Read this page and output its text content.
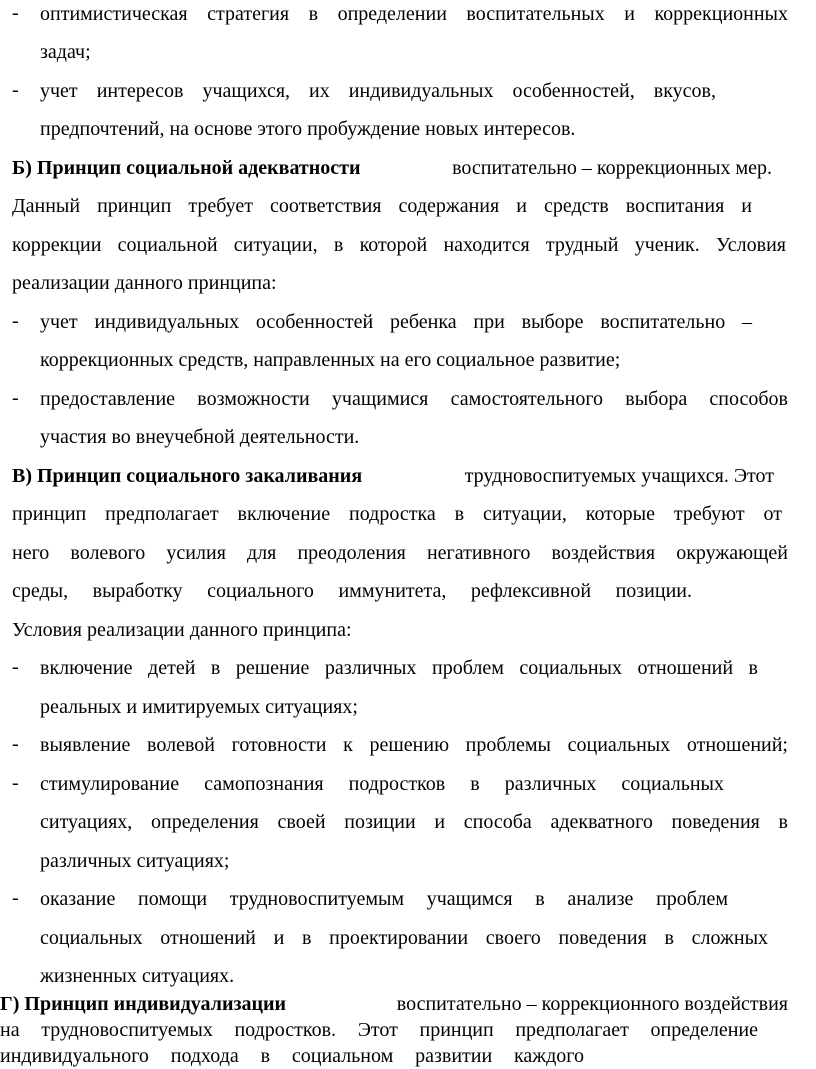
- оптимистическая стратегия в определении воспитательных и коррекционных
задач;
- учет интересов учащихся, их индивидуальных особенностей, вкусов,
предпочтений, на основе этого пробуждение новых интересов.
Б) Принцип социальной адекватности	воспитательно – коррекционных мер.
Данный принцип требует соответствия содержания и средств воспитания и
коррекции социальной ситуации, в которой находится трудный ученик. Условия
реализации данного принципа:
- учет индивидуальных особенностей ребенка при выборе воспитательно –
коррекционных средств, направленных на его социальное развитие;
- предоставление возможности учащимися самостоятельного выбора способов
участия во внеучебной деятельности.
В) Принцип социального закаливания	трудновоспитуемых учащихся. Этот
принцип предполагает включение подростка в ситуации, которые требуют от
него волевого усилия для преодоления негативного воздействия окружающей
среды, выработку социального иммунитета, рефлексивной позиции.
Условия реализации данного принципа:
- включение детей в решение различных проблем социальных отношений в
реальных и имитируемых ситуациях;
- выявление волевой готовности к решению проблемы социальных отношений;
- стимулирование самопознания подростков в различных социальных
ситуациях, определения своей позиции и способа адекватного поведения в
различных ситуациях;
- оказание помощи трудновоспитуемым учащимся в анализе проблем
социальных отношений и в проектировании своего поведения в сложных
жизненных ситуациях.
Г) Принцип индивидуализации	воспитательно – коррекционного воздействия
на трудновоспитуемых подростков. Этот принцип предполагает определение
индивидуального подхода в социальном развитии каждого
